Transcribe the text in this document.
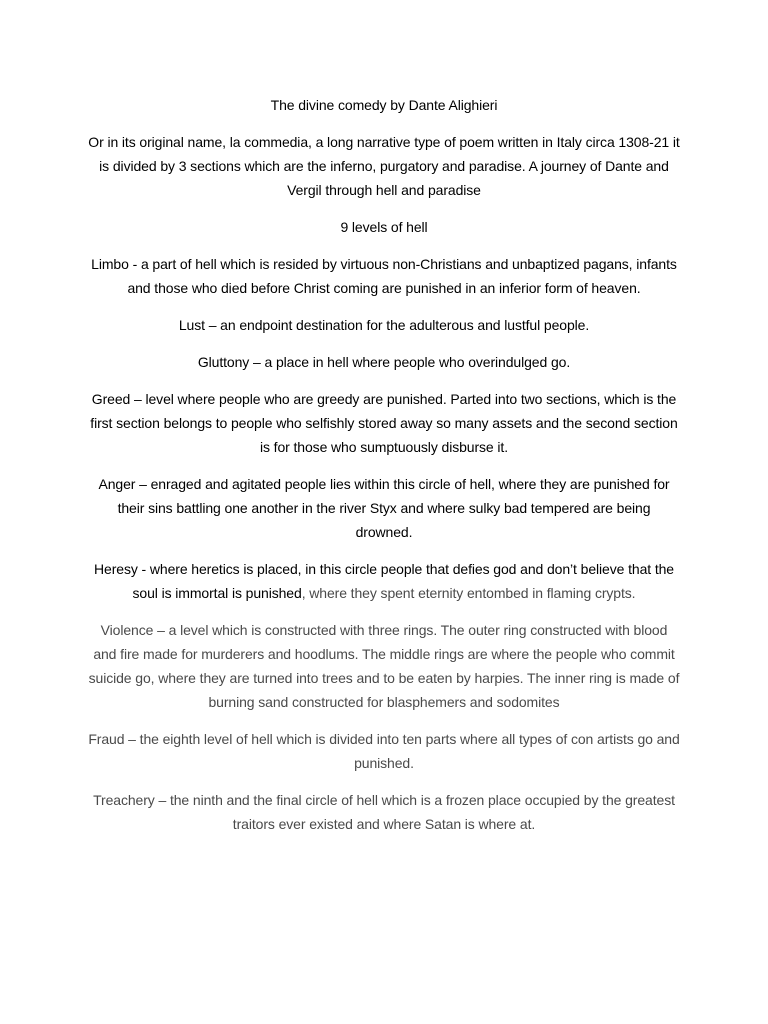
The divine comedy by Dante Alighieri

Or in its original name, la commedia, a long narrative type of poem written in Italy circa 1308-21 it is divided by 3 sections which are the inferno, purgatory and paradise. A journey of Dante and Vergil through hell and paradise

9 levels of hell

Limbo - a part of hell which is resided by virtuous non-Christians and unbaptized pagans, infants and those who died before Christ coming are punished in an inferior form of heaven.

Lust – an endpoint destination for the adulterous and lustful people.

Gluttony – a place in hell where people who overindulged go.

Greed – level where people who are greedy are punished. Parted into two sections, which is the first section belongs to people who selfishly stored away so many assets and the second section is for those who sumptuously disburse it.

Anger – enraged and agitated people lies within this circle of hell, where they are punished for their sins battling one another in the river Styx and where sulky bad tempered are being drowned.

Heresy - where heretics is placed, in this circle people that defies god and don’t believe that the soul is immortal is punished, where they spent eternity entombed in flaming crypts.

Violence – a level which is constructed with three rings. The outer ring constructed with blood and fire made for murderers and hoodlums. The middle rings are where the people who commit suicide go, where they are turned into trees and to be eaten by harpies. The inner ring is made of burning sand constructed for blasphemers and sodomites

Fraud – the eighth level of hell which is divided into ten parts where all types of con artists go and punished.

Treachery – the ninth and the final circle of hell which is a frozen place occupied by the greatest traitors ever existed and where Satan is where at.
